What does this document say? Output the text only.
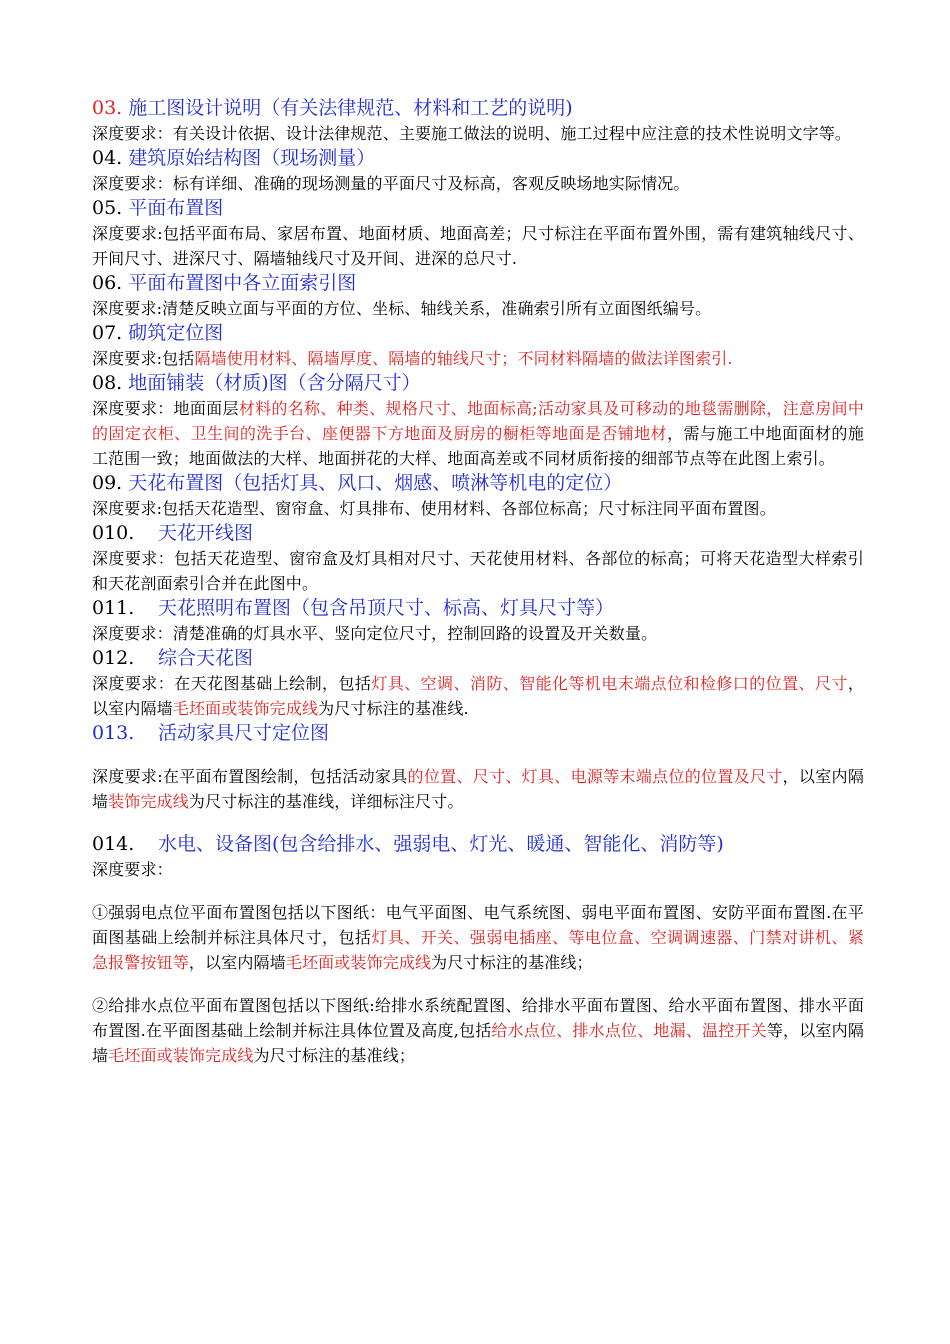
03. 施工图设计说明（有关法律规范、材料和工艺的说明)
深度要求：有关设计依据、设计法律规范、主要施工做法的说明、施工过程中应注意的技术性说明文字等。
04. 建筑原始结构图（现场测量）
深度要求：标有详细、准确的现场测量的平面尺寸及标高，客观反映场地实际情况。
05. 平面布置图
深度要求:包括平面布局、家居布置、地面材质、地面高差；尺寸标注在平面布置外围，需有建筑轴线尺寸、开间尺寸、进深尺寸、隔墙轴线尺寸及开间、进深的总尺寸.
06. 平面布置图中各立面索引图
深度要求:清楚反映立面与平面的方位、坐标、轴线关系，准确索引所有立面图纸编号。
07. 砌筑定位图
深度要求:包括隔墙使用材料、隔墙厚度、隔墙的轴线尺寸；不同材料隔墙的做法详图索引.
08. 地面铺装（材质)图（含分隔尺寸）
深度要求：地面面层材料的名称、种类、规格尺寸、地面标高;活动家具及可移动的地毯需删除，注意房间中的固定衣柜、卫生间的洗手台、座便器下方地面及厨房的橱柜等地面是否铺地材，需与施工中地面面材的施工范围一致；地面做法的大样、地面拼花的大样、地面高差或不同材质衔接的细部节点等在此图上索引。
09. 天花布置图（包括灯具、风口、烟感、喷淋等机电的定位）
深度要求:包括天花造型、窗帘盒、灯具排布、使用材料、各部位标高；尺寸标注同平面布置图。
010. 天花开线图
深度要求：包括天花造型、窗帘盒及灯具相对尺寸、天花使用材料、各部位的标高；可将天花造型大样索引和天花剖面索引合并在此图中。
011. 天花照明布置图（包含吊顶尺寸、标高、灯具尺寸等）
深度要求：清楚准确的灯具水平、竖向定位尺寸，控制回路的设置及开关数量。
012. 综合天花图
深度要求：在天花图基础上绘制，包括灯具、空调、消防、智能化等机电末端点位和检修口的位置、尺寸，以室内隔墙毛坯面或装饰完成线为尺寸标注的基准线.
013. 活动家具尺寸定位图
深度要求:在平面布置图绘制，包括活动家具的位置、尺寸、灯具、电源等末端点位的位置及尺寸，以室内隔墙装饰完成线为尺寸标注的基准线，详细标注尺寸。
014. 水电、设备图(包含给排水、强弱电、灯光、暖通、智能化、消防等)
深度要求：
①强弱电点位平面布置图包括以下图纸：电气平面图、电气系统图、弱电平面布置图、安防平面布置图.在平面图基础上绘制并标注具体尺寸，包括灯具、开关、强弱电插座、等电位盒、空调调速器、门禁对讲机、紧急报警按钮等，以室内隔墙毛坯面或装饰完成线为尺寸标注的基准线；
②给排水点位平面布置图包括以下图纸:给排水系统配置图、给排水平面布置图、给水平面布置图、排水平面布置图.在平面图基础上绘制并标注具体位置及高度,包括给水点位、排水点位、地漏、温控开关等，以室内隔墙毛坯面或装饰完成线为尺寸标注的基准线；
